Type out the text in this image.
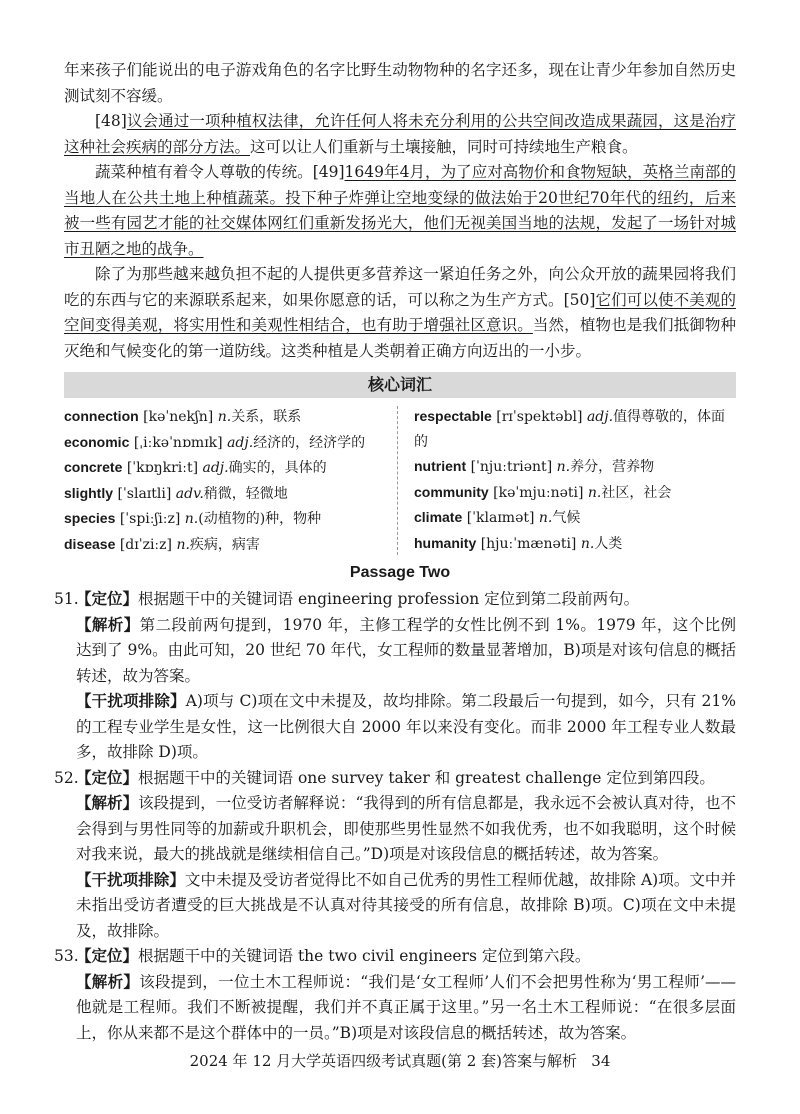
年来孩子们能说出的电子游戏角色的名字比野生动物物种的名字还多，现在让青少年参加自然历史测试刻不容缓。

[48]议会通过一项种植权法律，允许任何人将未充分利用的公共空间改造成果蔬园，这是治疗这种社会疾病的部分方法。这可以让人们重新与土壤接触，同时可持续地生产粮食。

蔬菜种植有着令人尊敬的传统。[49]1649年4月，为了应对高物价和食物短缺，英格兰南部的当地人在公共土地上种植蔬菜。投下种子炸弹让空地变绿的做法始于20世纪70年代的纽约，后来被一些有园艺才能的社交媒体网红们重新发扬光大，他们无视美国当地的法规，发起了一场针对城市丑陋之地的战争。

除了为那些越来越负担不起的人提供更多营养这一紧迫任务之外，向公众开放的蔬果园将我们吃的东西与它的来源联系起来，如果你愿意的话，可以称之为生产方式。[50]它们可以使不美观的空间变得美观，将实用性和美观性相结合，也有助于增强社区意识。当然，植物也是我们抵御物种灭绝和气候变化的第一道防线。这类种植是人类朝着正确方向迈出的一小步。

核心词汇
connection [kəˈnekʃn] n.关系，联系
economic [ˌiːkəˈnɒmɪk] adj.经济的，经济学的
concrete [ˈkɒŋkriːt] adj.确实的，具体的
slightly [ˈslaɪtli] adv.稍微，轻微地
species [ˈspiːʃiːz] n.(动植物的)种，物种
disease [dɪˈziːz] n.疾病，病害
respectable [rɪˈspektəbl] adj.值得尊敬的，体面的
nutrient [ˈnjuːtriənt] n.养分，营养物
community [kəˈmjuːnəti] n.社区，社会
climate [ˈklaɪmət] n.气候
humanity [hjuːˈmænəti] n.人类
Passage Two
51.
【定位】根据题干中的关键词语 engineering profession 定位到第二段前两句。

【解析】第二段前两句提到，1970 年，主修工程学的女性比例不到 1%。1979 年，这个比例达到了 9%。由此可知，20 世纪 70 年代，女工程师的数量显著增加，B)项是对该句信息的概括转述，故为答案。

【干扰项排除】A)项与 C)项在文中未提及，故均排除。第二段最后一句提到，如今，只有 21% 的工程专业学生是女性，这一比例很大自 2000 年以来没有变化。而非 2000 年工程专业人数最多，故排除 D)项。

52.
【定位】根据题干中的关键词语 one survey taker 和 greatest challenge 定位到第四段。

【解析】该段提到，一位受访者解释说：“我得到的所有信息都是，我永远不会被认真对待，也不会得到与男性同等的加薪或升职机会，即使那些男性显然不如我优秀，也不如我聪明，这个时候对我来说，最大的挑战就是继续相信自己。”D)项是对该段信息的概括转述，故为答案。

【干扰项排除】文中未提及受访者觉得比不如自己优秀的男性工程师优越，故排除 A)项。文中并未指出受访者遭受的巨大挑战是不认真对待其接受的所有信息，故排除 B)项。C)项在文中未提及，故排除。

53.
【定位】根据题干中的关键词语 the two civil engineers 定位到第六段。

【解析】该段提到，一位土木工程师说：“我们是‘女工程师’人们不会把男性称为‘男工程师’——他就是工程师。我们不断被提醒，我们并不真正属于这里。”另一名土木工程师说：“在很多层面上，你从来都不是这个群体中的一员。”B)项是对该段信息的概括转述，故为答案。

2024 年 12 月大学英语四级考试真题(第 2 套)答案与解析 34
